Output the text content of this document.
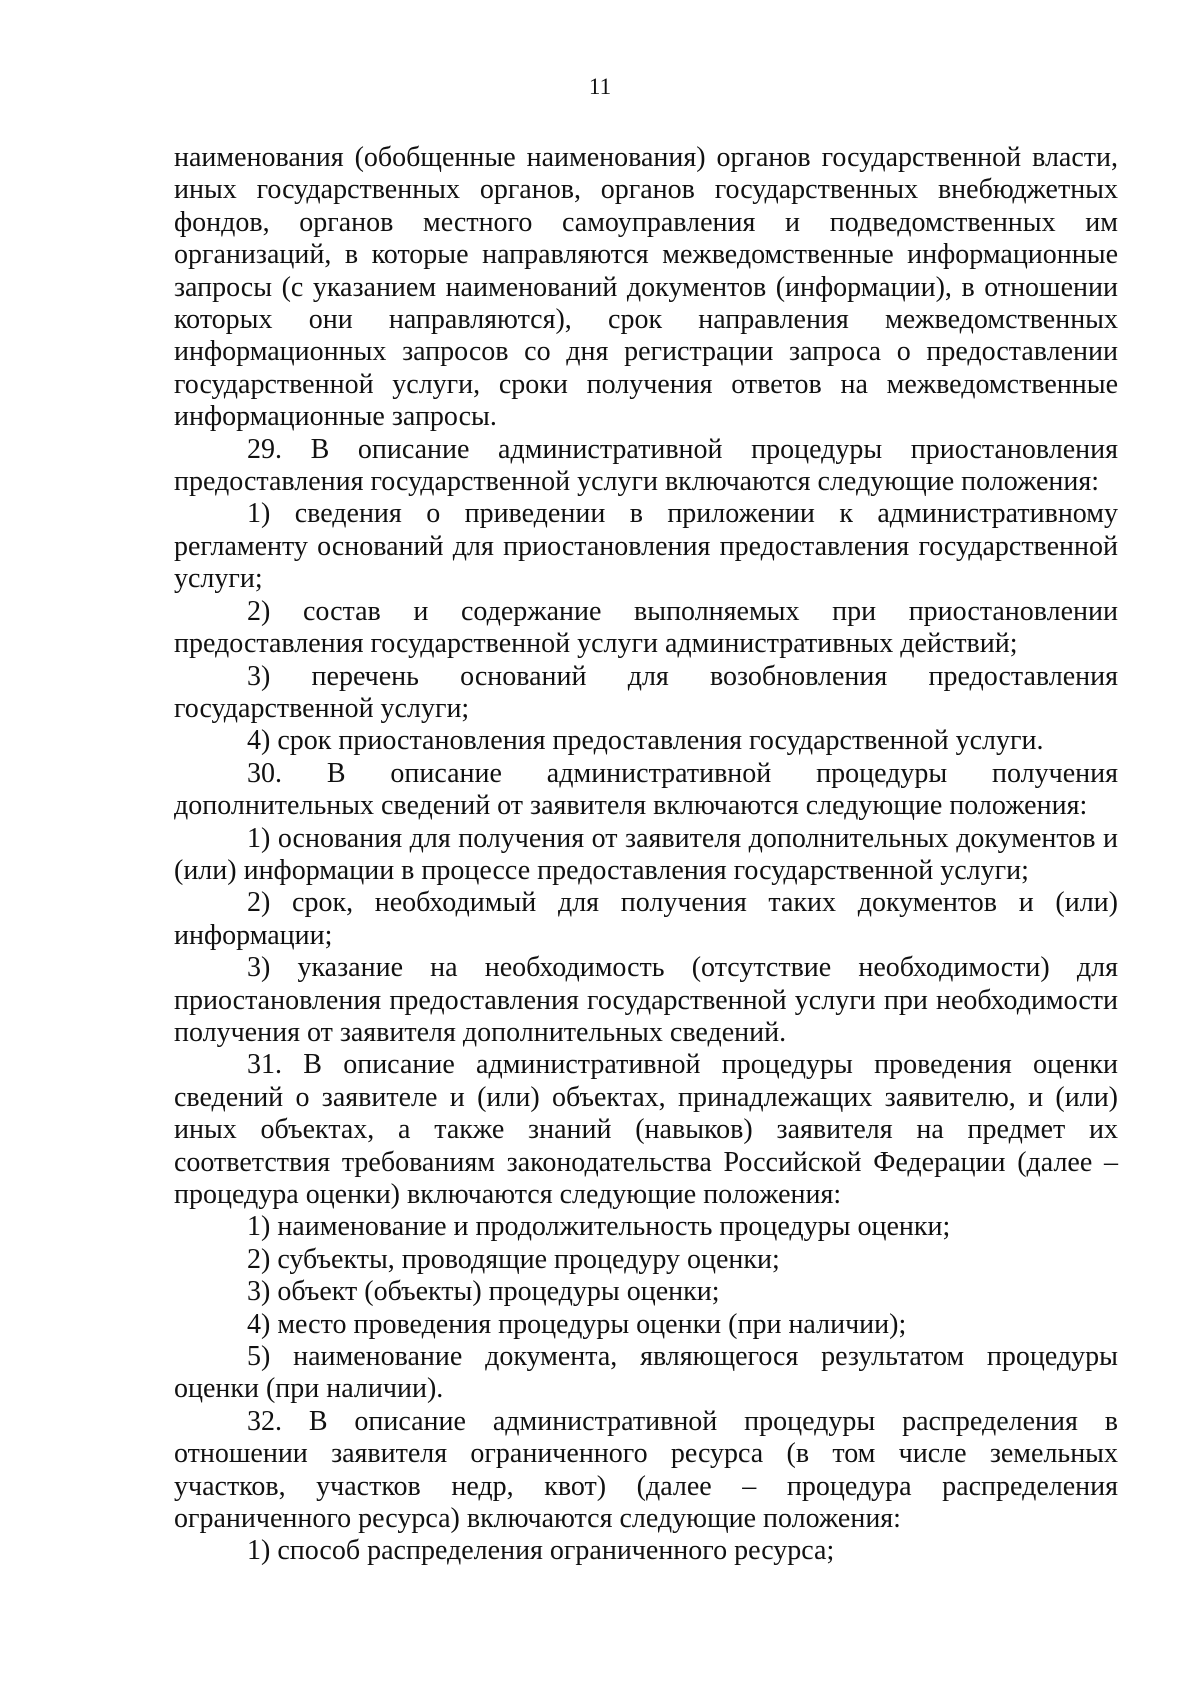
11

наименования (обобщенные наименования) органов государственной власти, иных государственных органов, органов государственных внебюджетных фондов, органов местного самоуправления и подведомственных им организаций, в которые направляются межведомственные информационные запросы (с указанием наименований документов (информации), в отношении которых они направляются), срок направления межведомственных информационных запросов со дня регистрации запроса о предоставлении государственной услуги, сроки получения ответов на межведомственные информационные запросы.

29. В описание административной процедуры приостановления предоставления государственной услуги включаются следующие положения:

1) сведения о приведении в приложении к административному регламенту оснований для приостановления предоставления государственной услуги;

2) состав и содержание выполняемых при приостановлении предоставления государственной услуги административных действий;

3) перечень оснований для возобновления предоставления государственной услуги;

4) срок приостановления предоставления государственной услуги.

30. В описание административной процедуры получения дополнительных сведений от заявителя включаются следующие положения:

1) основания для получения от заявителя дополнительных документов и (или) информации в процессе предоставления государственной услуги;

2) срок, необходимый для получения таких документов и (или) информации;

3) указание на необходимость (отсутствие необходимости) для приостановления предоставления государственной услуги при необходимости получения от заявителя дополнительных сведений.

31. В описание административной процедуры проведения оценки сведений о заявителе и (или) объектах, принадлежащих заявителю, и (или) иных объектах, а также знаний (навыков) заявителя на предмет их соответствия требованиям законодательства Российской Федерации (далее – процедура оценки) включаются следующие положения:

1) наименование и продолжительность процедуры оценки;

2) субъекты, проводящие процедуру оценки;

3) объект (объекты) процедуры оценки;

4) место проведения процедуры оценки (при наличии);

5) наименование документа, являющегося результатом процедуры оценки (при наличии).

32. В описание административной процедуры распределения в отношении заявителя ограниченного ресурса (в том числе земельных участков, участков недр, квот) (далее – процедура распределения ограниченного ресурса) включаются следующие положения:

1) способ распределения ограниченного ресурса;
